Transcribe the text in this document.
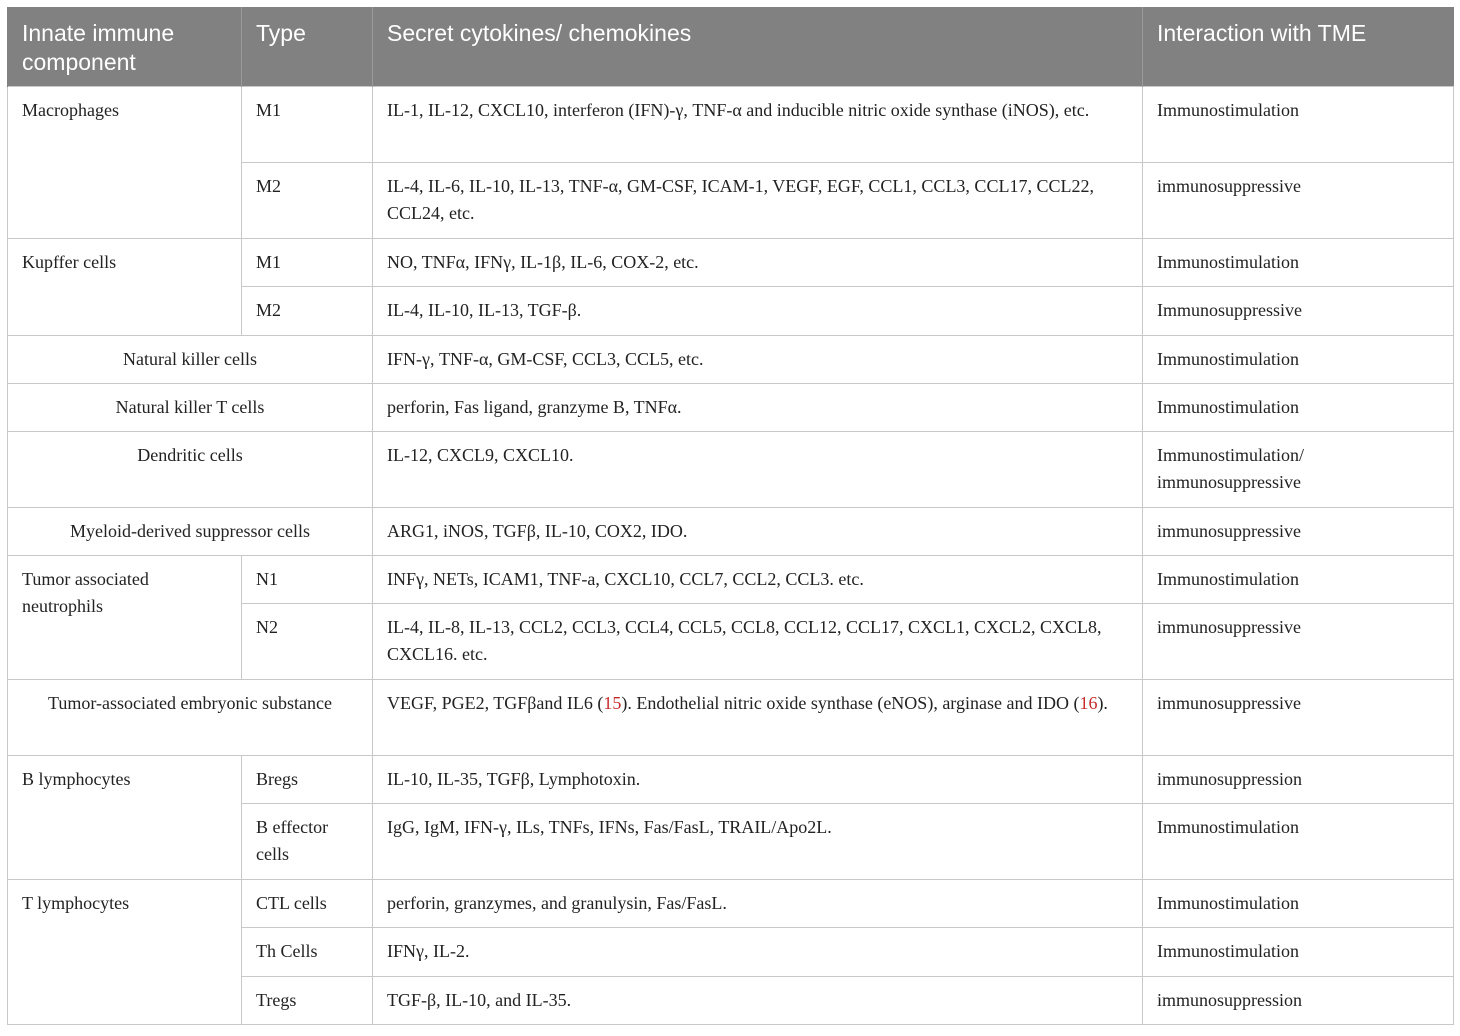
Innate immune component	Type	Secret cytokines/ chemokines	Interaction with TME
Macrophages	M1	IL-1, IL-12, CXCL10, interferon (IFN)-γ, TNF-α and inducible nitric oxide synthase (iNOS), etc.	Immunostimulation
	M2	IL-4, IL-6, IL-10, IL-13, TNF-α, GM-CSF, ICAM-1, VEGF, EGF, CCL1, CCL3, CCL17, CCL22, CCL24, etc.	immunosuppressive
Kupffer cells	M1	NO, TNFα, IFNγ, IL-1β, IL-6, COX-2, etc.	Immunostimulation
	M2	IL-4, IL-10, IL-13, TGF-β.	Immunosuppressive
Natural killer cells		IFN-γ, TNF-α, GM-CSF, CCL3, CCL5, etc.	Immunostimulation
Natural killer T cells		perforin, Fas ligand, granzyme B, TNFα.	Immunostimulation
Dendritic cells		IL-12, CXCL9, CXCL10.	Immunostimulation/ immunosuppressive
Myeloid-derived suppressor cells		ARG1, iNOS, TGFβ, IL-10, COX2, IDO.	immunosuppressive
Tumor associated neutrophils	N1	INFγ, NETs, ICAM1, TNF-a, CXCL10, CCL7, CCL2, CCL3. etc.	Immunostimulation
	N2	IL-4, IL-8, IL-13, CCL2, CCL3, CCL4, CCL5, CCL8, CCL12, CCL17, CXCL1, CXCL2, CXCL8, CXCL16. etc.	immunosuppressive
Tumor-associated embryonic substance		VEGF, PGE2, TGFβand IL6 (15). Endothelial nitric oxide synthase (eNOS), arginase and IDO (16).	immunosuppressive
B lymphocytes	Bregs	IL-10, IL-35, TGFβ, Lymphotoxin.	immunosuppression
	B effector cells	IgG, IgM, IFN-γ, ILs, TNFs, IFNs, Fas/FasL, TRAIL/Apo2L.	Immunostimulation
T lymphocytes	CTL cells	perforin, granzymes, and granulysin, Fas/FasL.	Immunostimulation
	Th Cells	IFNγ, IL-2.	Immunostimulation
	Tregs	TGF-β, IL-10, and IL-35.	immunosuppression
